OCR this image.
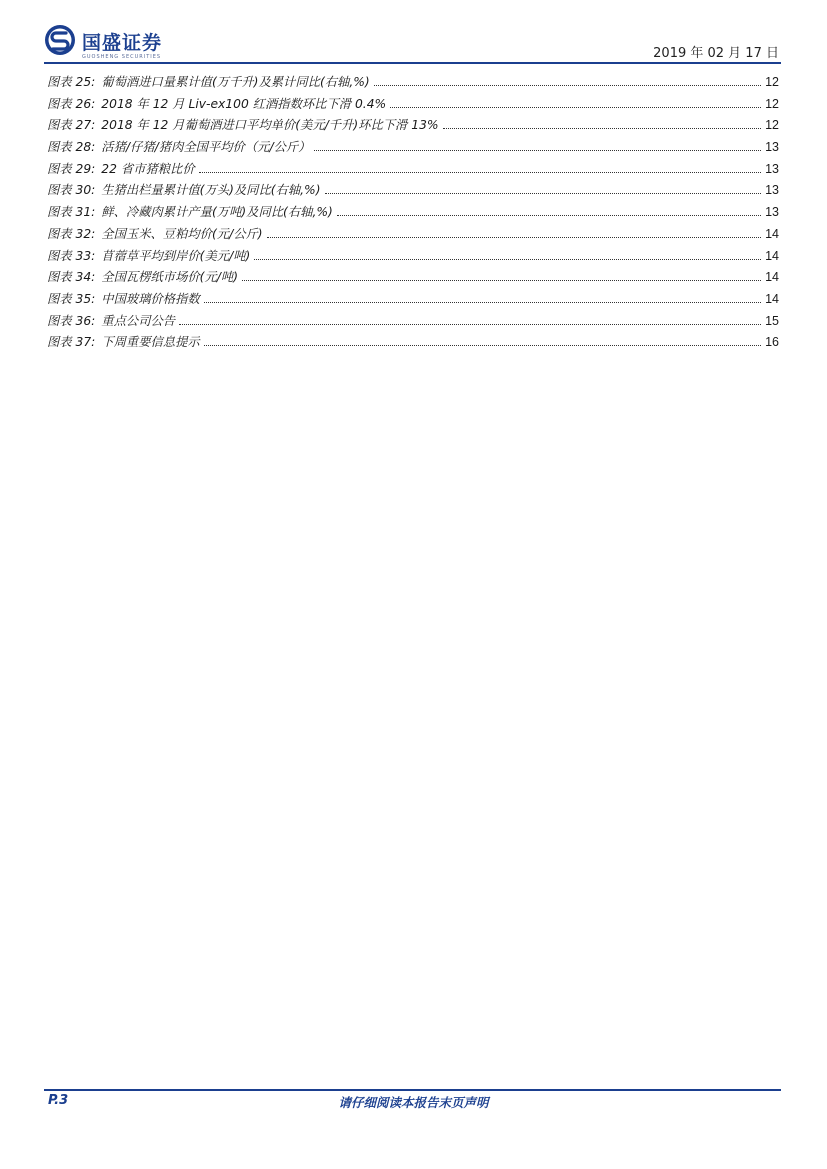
国盛证券
GUOSHENG SECURITIES	2019 年 02 月 17 日
图表 25: 葡萄酒进口量累计值(万千升)及累计同比(右轴,%)	12
图表 26: 2018 年 12 月 Liv-ex100 红酒指数环比下滑 0.4%	12
图表 27: 2018 年 12 月葡萄酒进口平均单价(美元/千升)环比下滑 13%	12
图表 28: 活猪/仔猪/猪肉全国平均价（元/公斤）	13
图表 29: 22 省市猪粮比价	13
图表 30: 生猪出栏量累计值(万头)及同比(右轴,%)	13
图表 31: 鲜、冷藏肉累计产量(万吨)及同比(右轴,%)	13
图表 32: 全国玉米、豆粕均价(元/公斤)	14
图表 33: 苜蓿草平均到岸价(美元/吨)	14
图表 34: 全国瓦楞纸市场价(元/吨)	14
图表 35: 中国玻璃价格指数	14
图表 36: 重点公司公告	15
图表 37: 下周重要信息提示	16
P.3	请仔细阅读本报告末页声明
